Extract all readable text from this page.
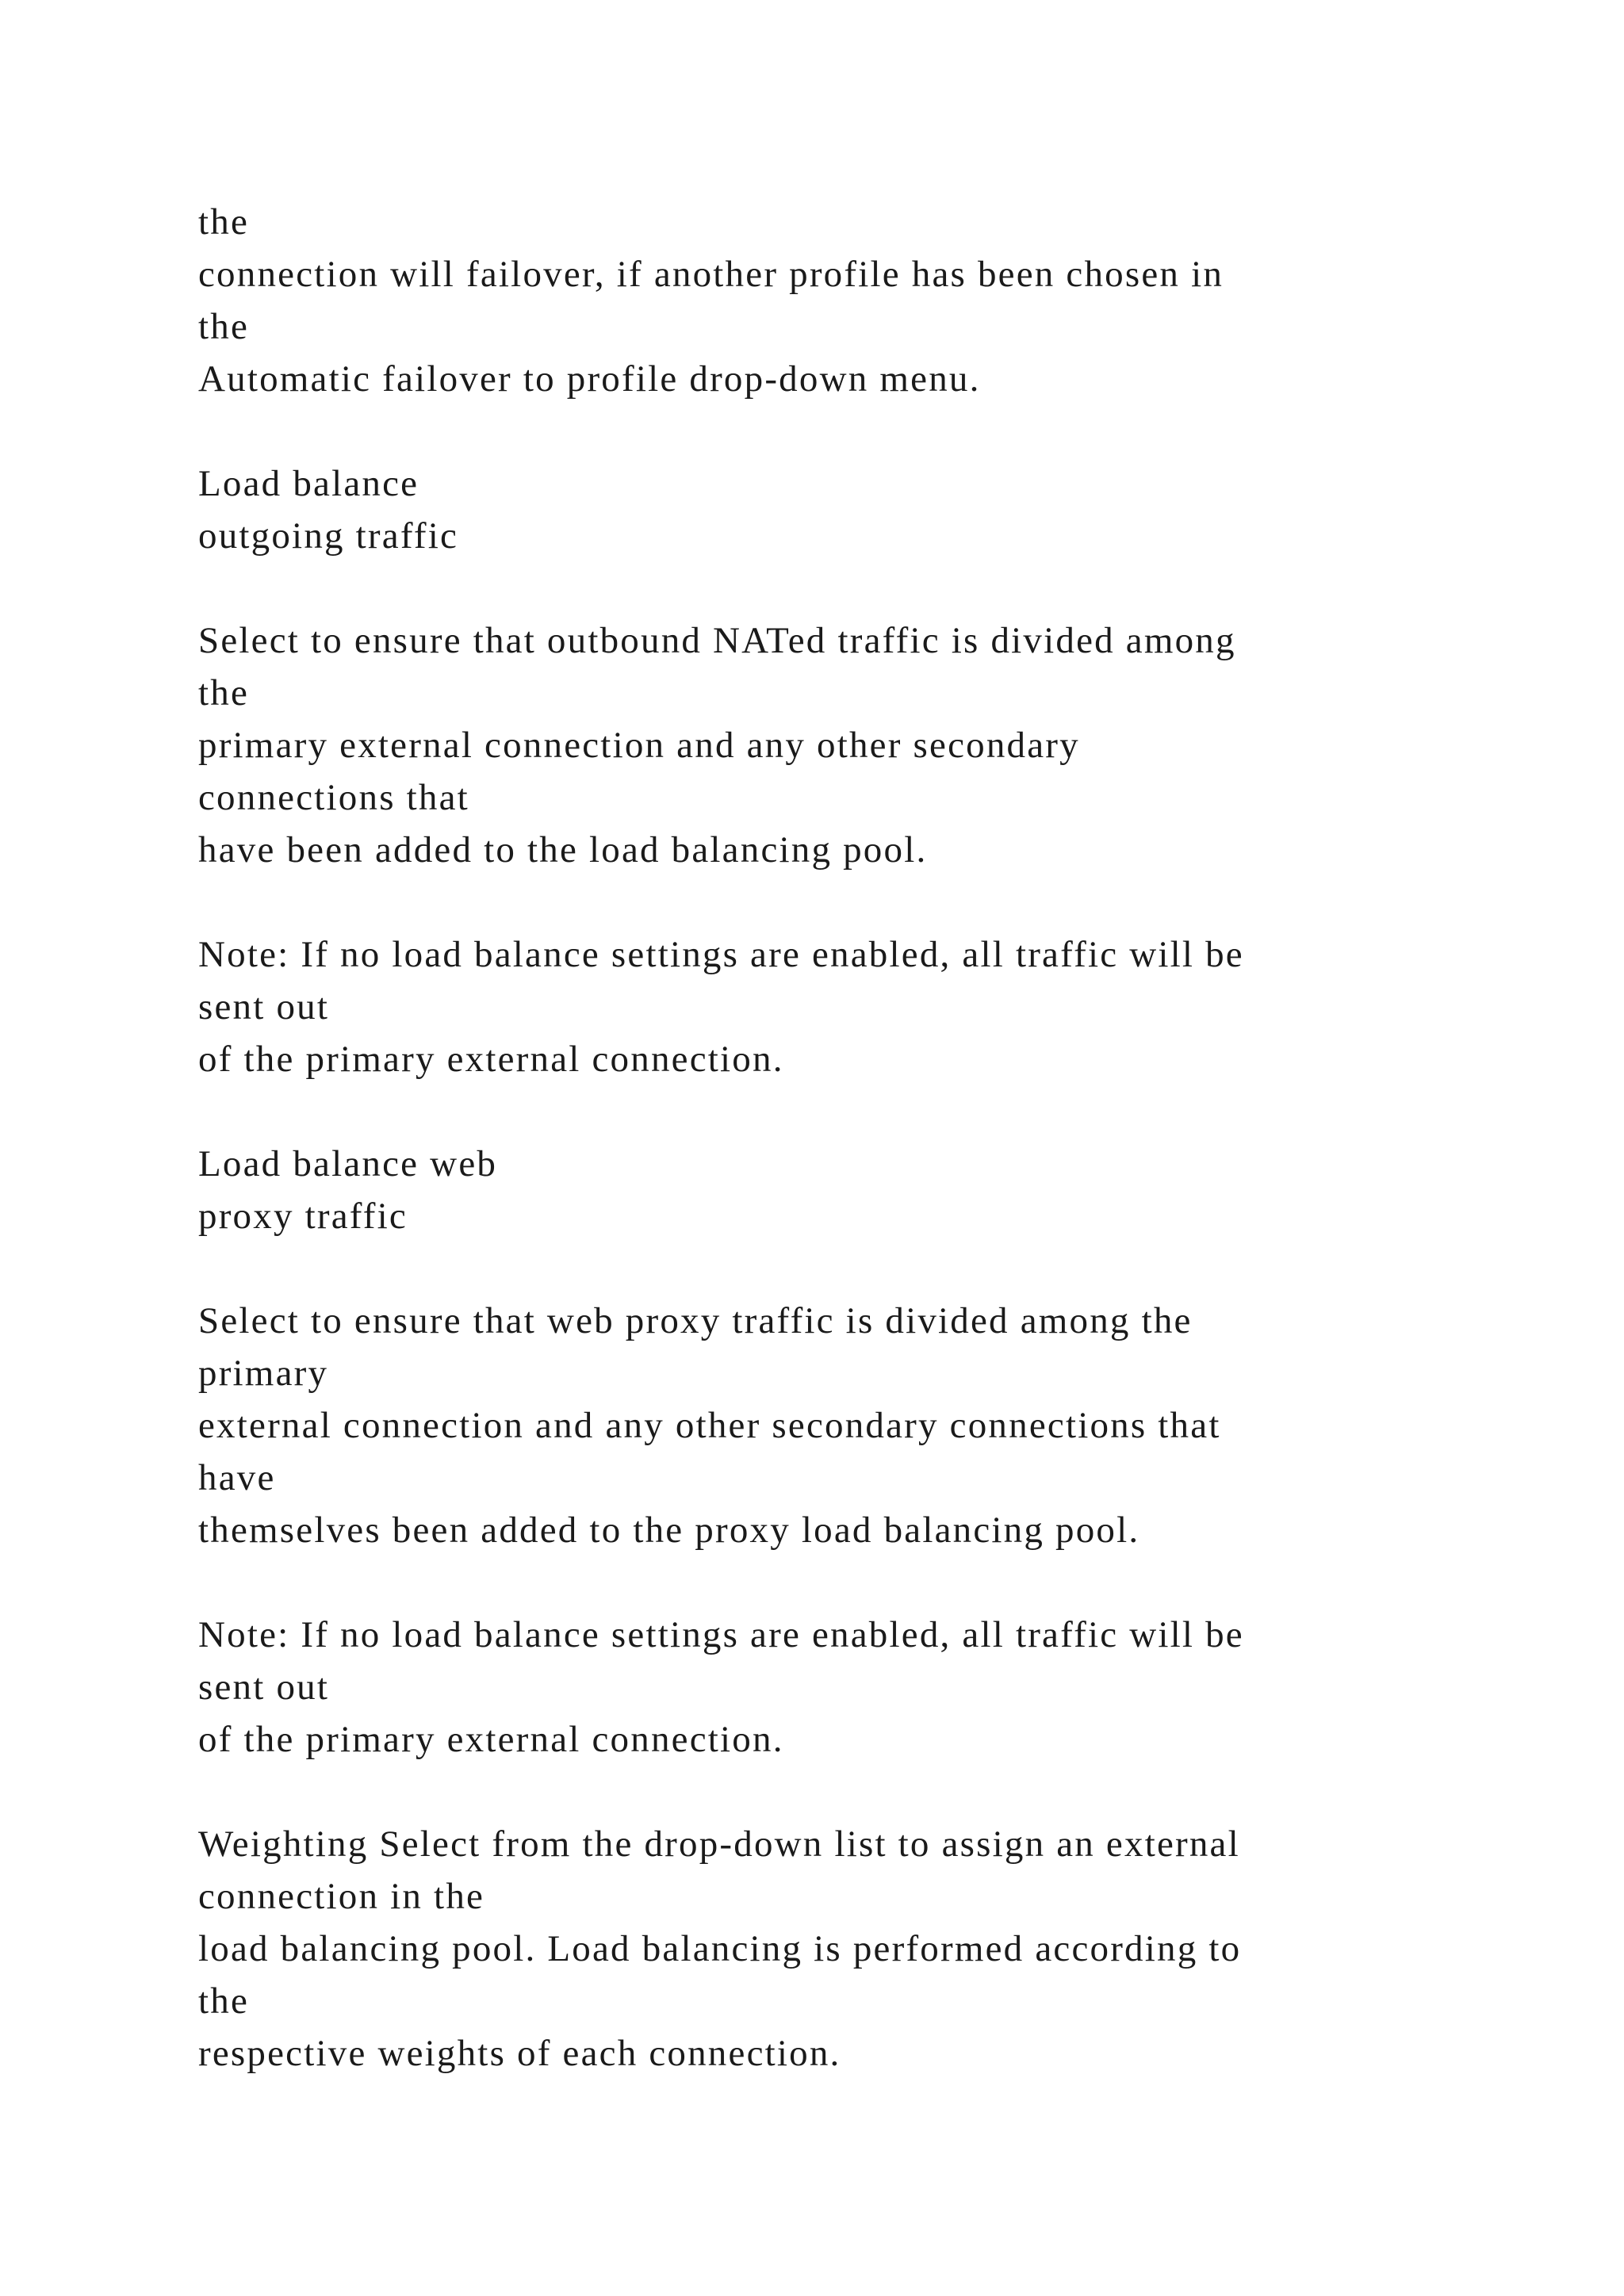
the
connection will failover, if another profile has been chosen in
the
Automatic failover to profile drop-down menu.
Load balance
outgoing traffic
Select to ensure that outbound NATed traffic is divided among
the
primary external connection and any other secondary
connections that
have been added to the load balancing pool.
Note: If no load balance settings are enabled, all traffic will be
sent out
of the primary external connection.
Load balance web
proxy traffic
Select to ensure that web proxy traffic is divided among the
primary
external connection and any other secondary connections that
have
themselves been added to the proxy load balancing pool.
Note: If no load balance settings are enabled, all traffic will be
sent out
of the primary external connection.
Weighting Select from the drop-down list to assign an external
connection in the
load balancing pool. Load balancing is performed according to
the
respective weights of each connection.
